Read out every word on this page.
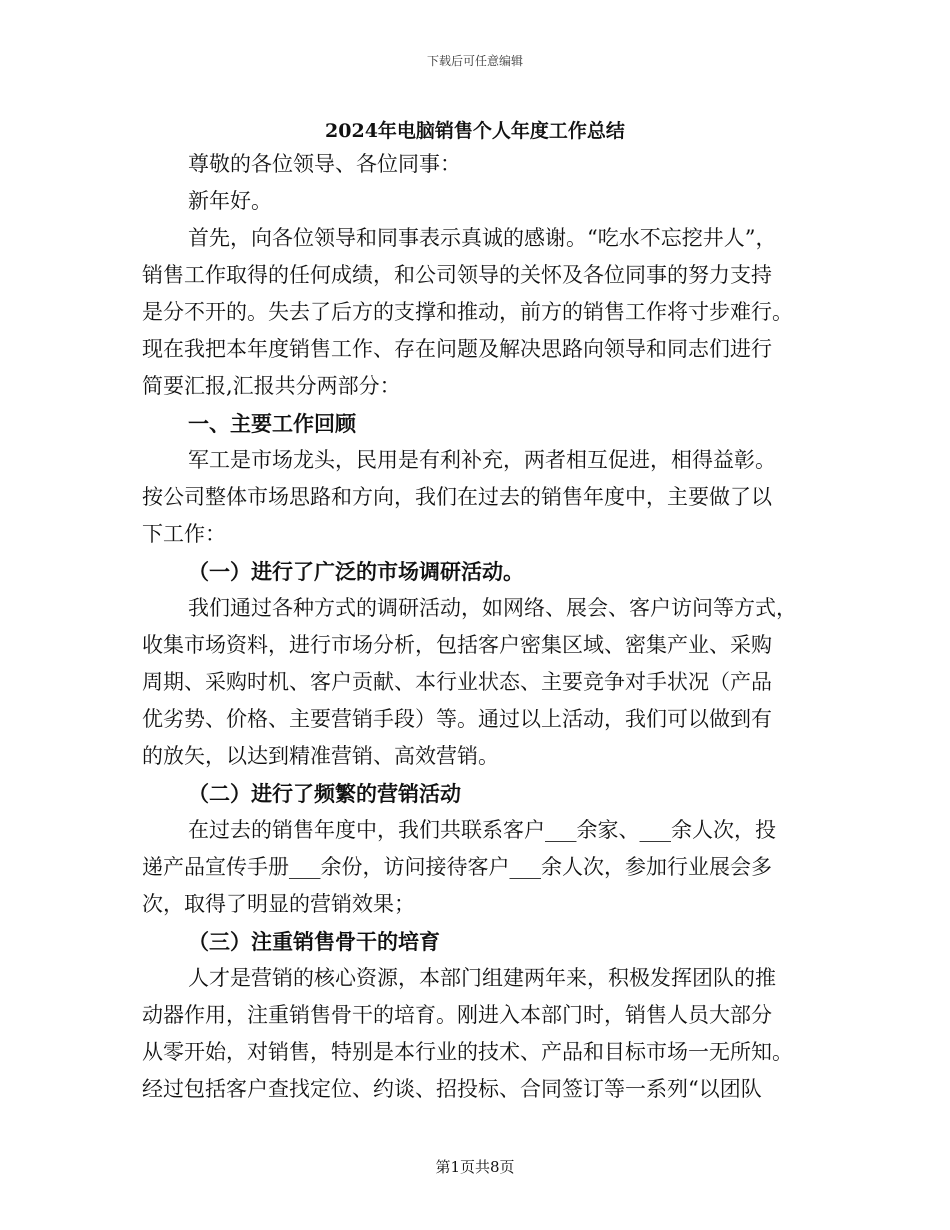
下载后可任意编辑
2024年电脑销售个人年度工作总结
尊敬的各位领导、各位同事：
新年好。
首先，向各位领导和同事表示真诚的感谢。“吃水不忘挖井人”，
销售工作取得的任何成绩，和公司领导的关怀及各位同事的努力支持
是分不开的。失去了后方的支撑和推动，前方的销售工作将寸步难行。
现在我把本年度销售工作、存在问题及解决思路向领导和同志们进行
简要汇报,汇报共分两部分：
一、主要工作回顾
军工是市场龙头，民用是有利补充，两者相互促进，相得益彰。
按公司整体市场思路和方向，我们在过去的销售年度中，主要做了以
下工作：
（一）进行了广泛的市场调研活动。
我们通过各种方式的调研活动，如网络、展会、客户访问等方式，
收集市场资料，进行市场分析，包括客户密集区域、密集产业、采购
周期、采购时机、客户贡献、本行业状态、主要竞争对手状况（产品
优劣势、价格、主要营销手段）等。通过以上活动，我们可以做到有
的放矢，以达到精准营销、高效营销。
（二）进行了频繁的营销活动
在过去的销售年度中，我们共联系客户___余家、___余人次，投
递产品宣传手册___余份，访问接待客户___余人次，参加行业展会多
次，取得了明显的营销效果；
（三）注重销售骨干的培育
人才是营销的核心资源，本部门组建两年来，积极发挥团队的推
动器作用，注重销售骨干的培育。刚进入本部门时，销售人员大部分
从零开始，对销售，特别是本行业的技术、产品和目标市场一无所知。
经过包括客户查找定位、约谈、招投标、合同签订等一系列“以团队
第1页共8页
